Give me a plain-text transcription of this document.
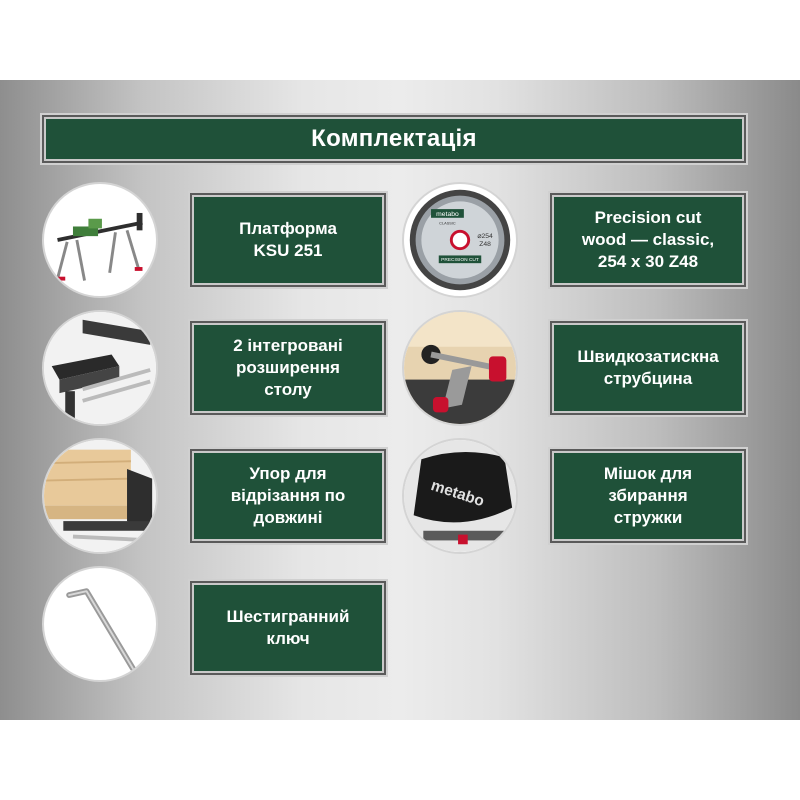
Комплектація
Платформа
KSU 251
metabo
CLASSIC
⌀254
Z48
PRECISION CUT
Precision cut
wood — classic,
254 x 30 Z48
2 інтегровані
розширення
столу
Швидкозатискна
струбцина
Упор для
відрізання по
довжині
metabo
Мішок для
збирання
стружки
Шестигранний
ключ
